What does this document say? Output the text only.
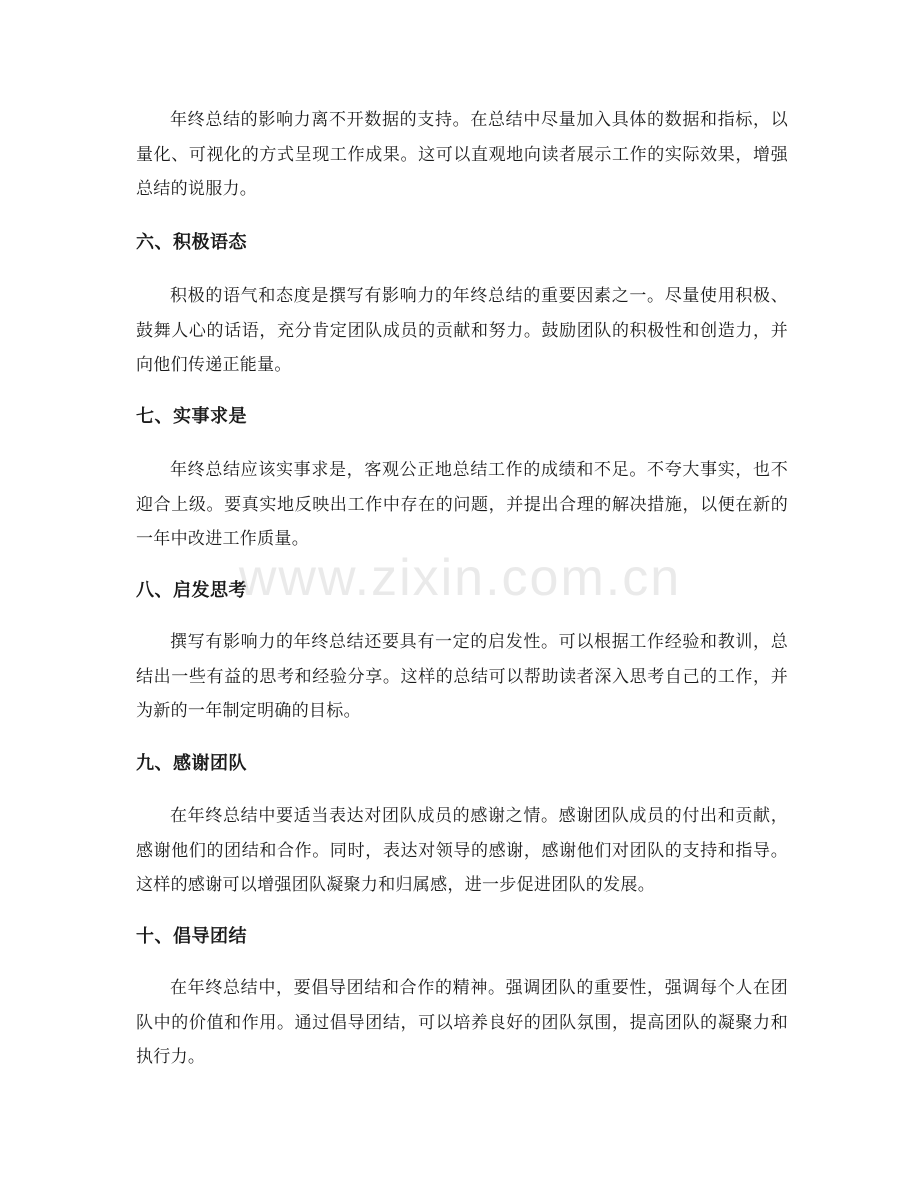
年终总结的影响力离不开数据的支持。在总结中尽量加入具体的数据和指标，以量化、可视化的方式呈现工作成果。这可以直观地向读者展示工作的实际效果，增强总结的说服力。

六、积极语态

积极的语气和态度是撰写有影响力的年终总结的重要因素之一。尽量使用积极、鼓舞人心的话语，充分肯定团队成员的贡献和努力。鼓励团队的积极性和创造力，并向他们传递正能量。

七、实事求是

年终总结应该实事求是，客观公正地总结工作的成绩和不足。不夸大事实，也不迎合上级。要真实地反映出工作中存在的问题，并提出合理的解决措施，以便在新的一年中改进工作质量。

八、启发思考

撰写有影响力的年终总结还要具有一定的启发性。可以根据工作经验和教训，总结出一些有益的思考和经验分享。这样的总结可以帮助读者深入思考自己的工作，并为新的一年制定明确的目标。

九、感谢团队

在年终总结中要适当表达对团队成员的感谢之情。感谢团队成员的付出和贡献，感谢他们的团结和合作。同时，表达对领导的感谢，感谢他们对团队的支持和指导。这样的感谢可以增强团队凝聚力和归属感，进一步促进团队的发展。

十、倡导团结

在年终总结中，要倡导团结和合作的精神。强调团队的重要性，强调每个人在团队中的价值和作用。通过倡导团结，可以培养良好的团队氛围，提高团队的凝聚力和执行力。

www.zixin.com.cn
